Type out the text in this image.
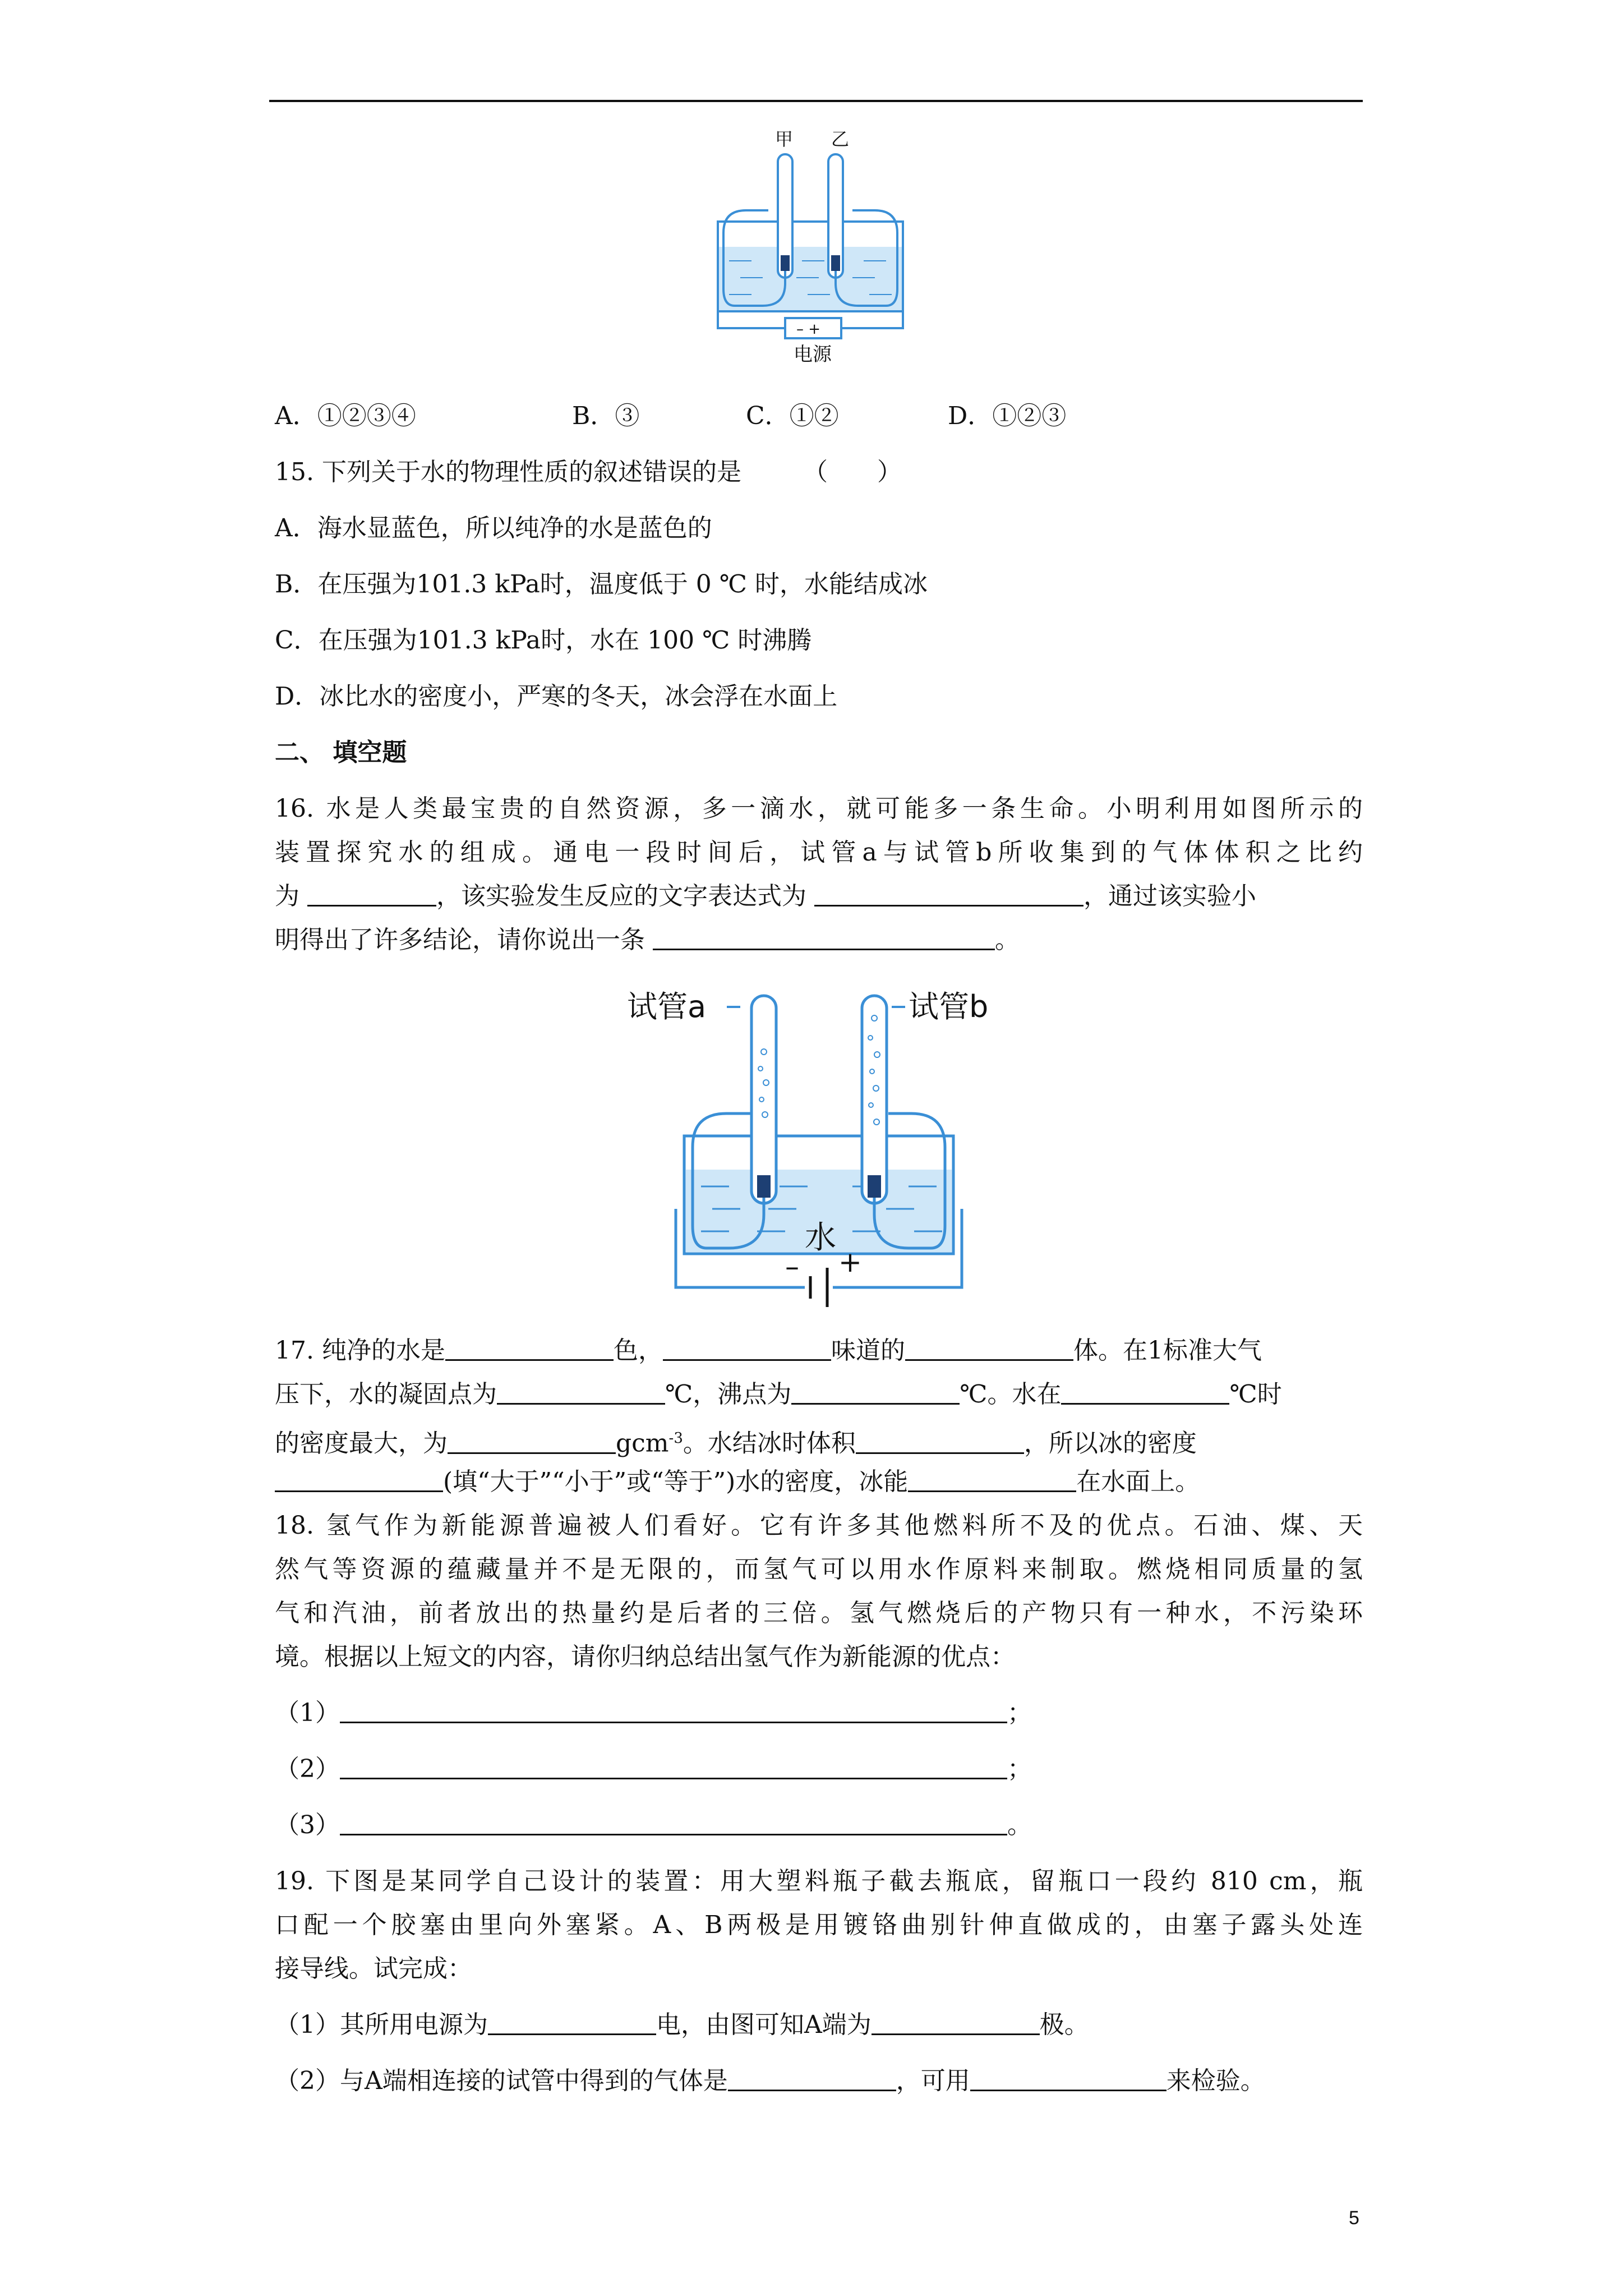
甲 乙
– +
电源
A．①②③④	B．③	C．①②	D．①②③
15. 下列关于水的物理性质的叙述错误的是　　　（　　）
A．海水显蓝色，所以纯净的水是蓝色的
B．在压强为101.3 kPa时，温度低于 0 ℃ 时，水能结成冰
C．在压强为101.3 kPa时，水在 100 ℃ 时沸腾
D．冰比水的密度小，严寒的冬天，冰会浮在水面上
二、 填空题
16. 水是人类最宝贵的自然资源，多一滴水，就可能多一条生命。小明利用如图所示的
装置探究水的组成。通电一段时间后，试管a与试管b所收集到的气体体积之比约
为	，该实验发生反应的文字表达式为	，通过该实验小
明得出了许多结论，请你说出一条	。
试管a	试管b
水
– +
17. 纯净的水是	色，	味道的	体。在1标准大气
压下，水的凝固点为	℃，沸点为	℃。水在	℃时
的密度最大，为	gcm$^{-3}$。水结冰时体积	，所以冰的密度
(填“大于”“小于”或“等于”)水的密度，冰能	在水面上。
18. 氢气作为新能源普遍被人们看好。它有许多其他燃料所不及的优点。石油、煤、天
然气等资源的蕴藏量并不是无限的，而氢气可以用水作原料来制取。燃烧相同质量的氢
气和汽油，前者放出的热量约是后者的三倍。氢气燃烧后的产物只有一种水，不污染环
境。根据以上短文的内容，请你归纳总结出氢气作为新能源的优点：
（1）	；
（2）	；
（3）	。
19. 下图是某同学自己设计的装置：用大塑料瓶子截去瓶底，留瓶口一段约 810 cm，瓶
口配一个胶塞由里向外塞紧。A、B两极是用镀铬曲别针伸直做成的，由塞子露头处连
接导线。试完成：
（1）其所用电源为	电，由图可知A端为	极。
（2）与A端相连接的试管中得到的气体是	，可用	来检验。
5
